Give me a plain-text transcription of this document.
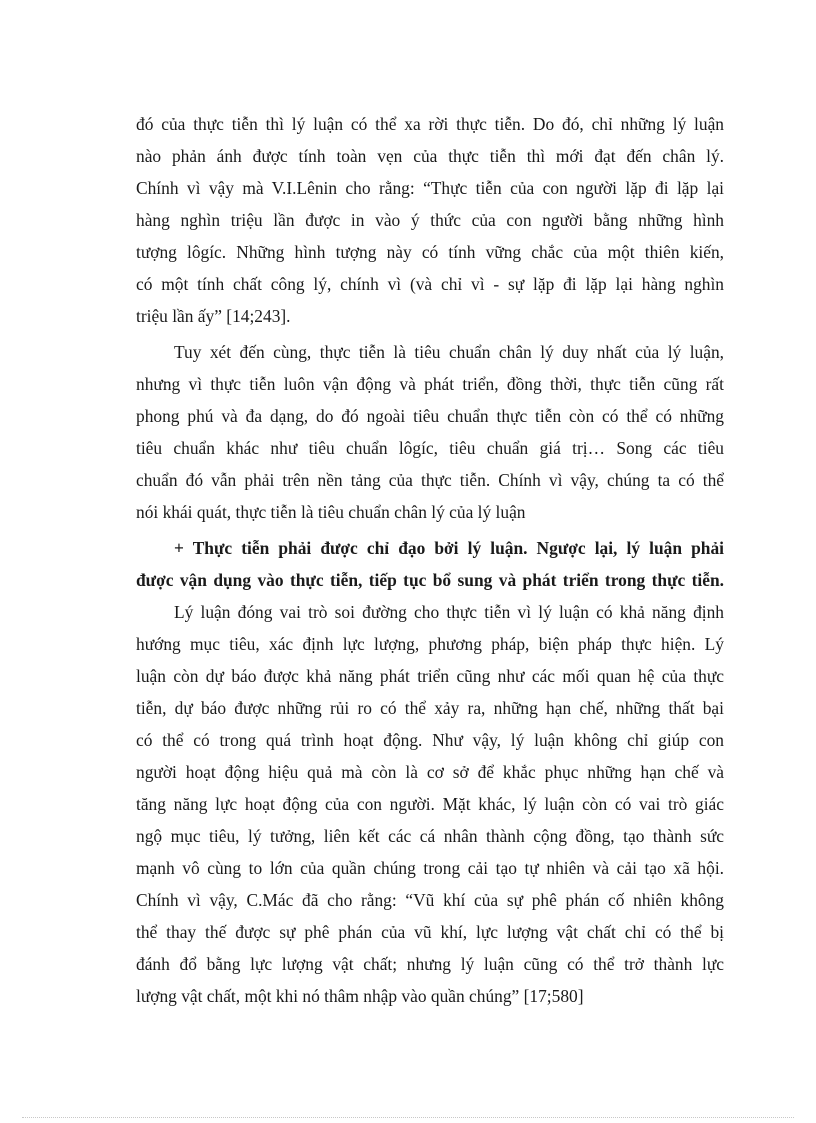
đó của thực tiễn thì lý luận có thể xa rời thực tiễn. Do đó, chỉ những lý luận
nào phản ánh được tính toàn vẹn của thực tiễn thì mới đạt đến chân lý.
Chính vì vậy mà V.I.Lênin cho rằng: “Thực tiễn của con người lặp đi lặp lại
hàng nghìn triệu lần được in vào ý thức của con người bằng những hình
tượng lôgíc. Những hình tượng này có tính vững chắc của một thiên kiến,
có một tính chất công lý, chính vì (và chỉ vì - sự lặp đi lặp lại hàng nghìn
triệu lần ấy” [14;243].

Tuy xét đến cùng, thực tiễn là tiêu chuẩn chân lý duy nhất của lý luận,
nhưng vì thực tiễn luôn vận động và phát triển, đồng thời, thực tiễn cũng rất
phong phú và đa dạng, do đó ngoài tiêu chuẩn thực tiễn còn có thể có những
tiêu chuẩn khác như tiêu chuẩn lôgíc, tiêu chuẩn giá trị… Song các tiêu
chuẩn đó vẫn phải trên nền tảng của thực tiễn. Chính vì vậy, chúng ta có thể
nói khái quát, thực tiễn là tiêu chuẩn chân lý của lý luận

+ Thực tiễn phải được chỉ đạo bởi lý luận. Ngược lại, lý luận phải
được vận dụng vào thực tiễn, tiếp tục bổ sung và phát triển trong thực tiễn.

Lý luận đóng vai trò soi đường cho thực tiễn vì lý luận có khả năng định
hướng mục tiêu, xác định lực lượng, phương pháp, biện pháp thực hiện. Lý
luận còn dự báo được khả năng phát triển cũng như các mối quan hệ của thực
tiễn, dự báo được những rủi ro có thể xảy ra, những hạn chế, những thất bại
có thể có trong quá trình hoạt động. Như vậy, lý luận không chỉ giúp con
người hoạt động hiệu quả mà còn là cơ sở để khắc phục những hạn chế và
tăng năng lực hoạt động của con người. Mặt khác, lý luận còn có vai trò giác
ngộ mục tiêu, lý tưởng, liên kết các cá nhân thành cộng đồng, tạo thành sức
mạnh vô cùng to lớn của quần chúng trong cải tạo tự nhiên và cải tạo xã hội.
Chính vì vậy, C.Mác đã cho rằng: “Vũ khí của sự phê phán cố nhiên không
thể thay thế được sự phê phán của vũ khí, lực lượng vật chất chỉ có thể bị
đánh đổ bằng lực lượng vật chất; nhưng lý luận cũng có thể trở thành lực
lượng vật chất, một khi nó thâm nhập vào quần chúng” [17;580]
